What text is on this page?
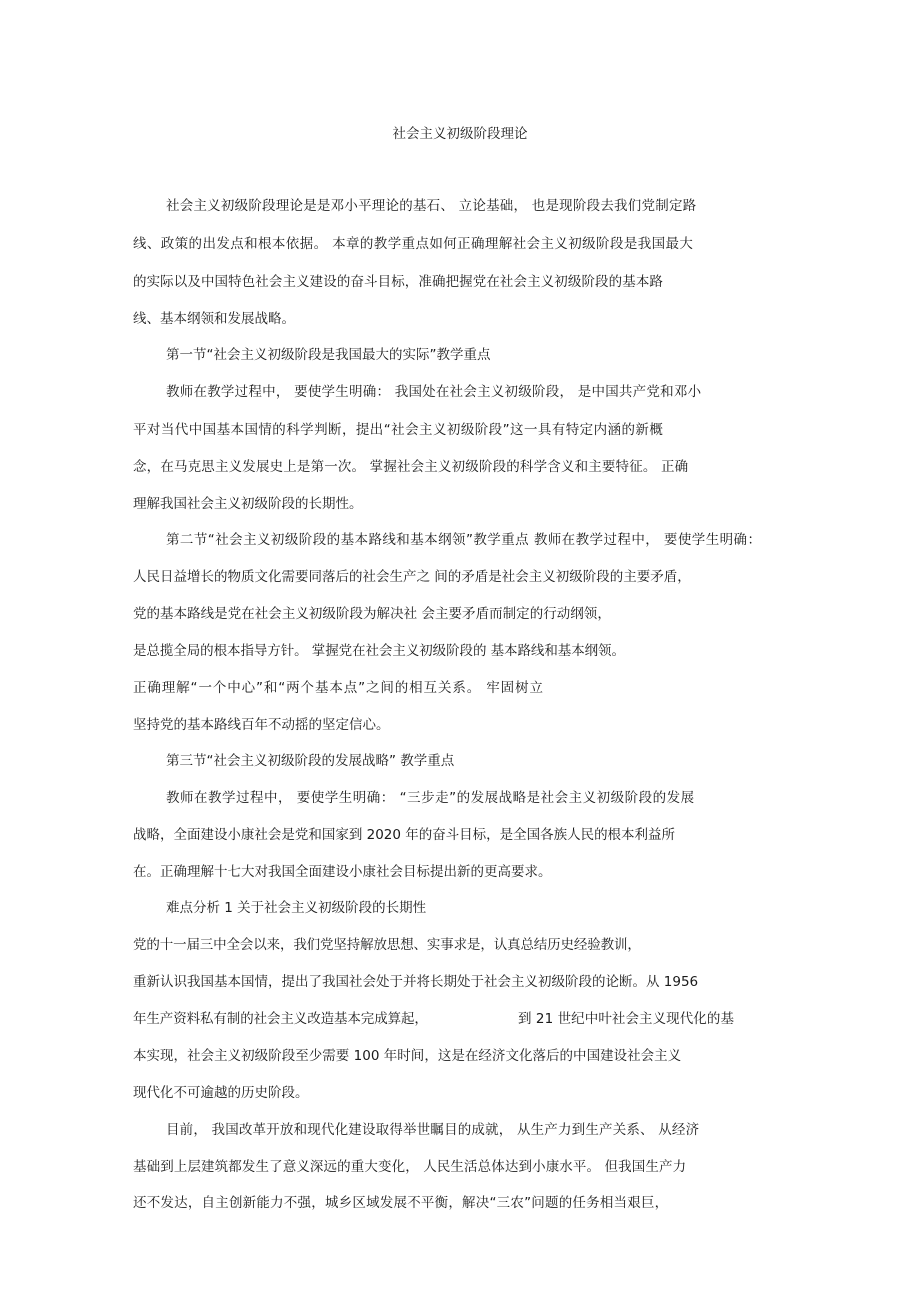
社会主义初级阶段理论
社会主义初级阶段理论是是邓小平理论的基石、 立论基础， 也是现阶段去我们党制定路
线、政策的出发点和根本依据。 本章的教学重点如何正确理解社会主义初级阶段是我国最大
的实际以及中国特色社会主义建设的奋斗目标，准确把握党在社会主义初级阶段的基本路
线、基本纲领和发展战略。
第一节“社会主义初级阶段是我国最大的实际”教学重点
教师在教学过程中， 要使学生明确： 我国处在社会主义初级阶段， 是中国共产党和邓小
平对当代中国基本国情的科学判断，提出“社会主义初级阶段”这一具有特定内涵的新概
念，在马克思主义发展史上是第一次。 掌握社会主义初级阶段的科学含义和主要特征。 正确
理解我国社会主义初级阶段的长期性。
第二节“社会主义初级阶段的基本路线和基本纲领”教学重点 教师在教学过程中， 要使学生明确：
人民日益增长的物质文化需要同落后的社会生产之 间的矛盾是社会主义初级阶段的主要矛盾，
党的基本路线是党在社会主义初级阶段为解决社 会主要矛盾而制定的行动纲领，
是总揽全局的根本指导方针。 掌握党在社会主义初级阶段的 基本路线和基本纲领。
正确理解“一个中心”和“两个基本点”之间的相互关系。 牢固树立
坚持党的基本路线百年不动摇的坚定信心。
第三节“社会主义初级阶段的发展战略” 教学重点
教师在教学过程中， 要使学生明确： “三步走”的发展战略是社会主义初级阶段的发展
战略，全面建设小康社会是党和国家到 2020 年的奋斗目标，是全国各族人民的根本利益所
在。正确理解十七大对我国全面建设小康社会目标提出新的更高要求。
难点分析 1 关于社会主义初级阶段的长期性
党的十一届三中全会以来，我们党坚持解放思想、实事求是，认真总结历史经验教训，
重新认识我国基本国情，提出了我国社会处于并将长期处于社会主义初级阶段的论断。从 1956
年生产资料私有制的社会主义改造基本完成算起，	到 21 世纪中叶社会主义现代化的基
本实现，社会主义初级阶段至少需要 100 年时间，这是在经济文化落后的中国建设社会主义
现代化不可逾越的历史阶段。
目前， 我国改革开放和现代化建设取得举世瞩目的成就， 从生产力到生产关系、 从经济
基础到上层建筑都发生了意义深远的重大变化， 人民生活总体达到小康水平。 但我国生产力
还不发达，自主创新能力不强，城乡区域发展不平衡，解决“三农”问题的任务相当艰巨，
